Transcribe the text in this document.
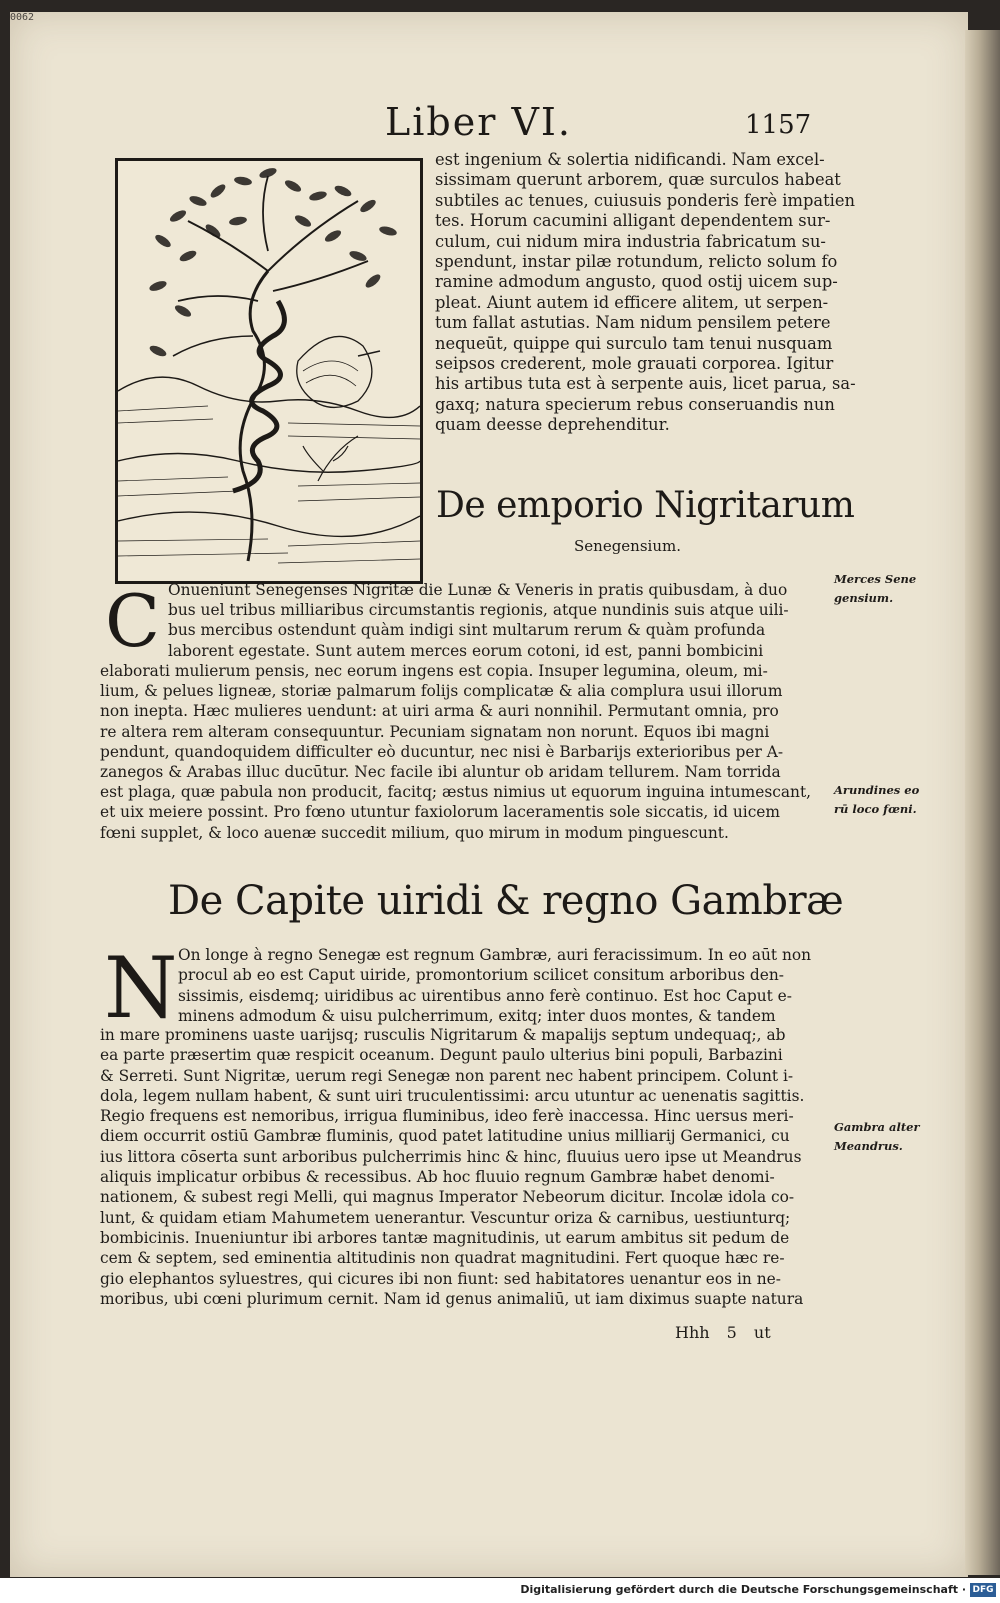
0062
Liber VI.	1157
est ingenium & solertia nidificandi. Nam excel-
sissimam querunt arborem, quæ surculos habeat
subtiles ac tenues, cuiusuis ponderis ferè impatien
tes. Horum cacumini alligant dependentem sur-
culum, cui nidum mira industria fabricatum su-
spendunt, instar pilæ rotundum, relicto solum fo
ramine admodum angusto, quod ostij uicem sup-
pleat. Aiunt autem id efficere alitem, ut serpen-
tum fallat astutias. Nam nidum pensilem petere
nequeūt, quippe qui surculo tam tenui nusquam
seipsos crederent, mole grauati corporea. Igitur
his artibus tuta est à serpente auis, licet parua, sa-
gaxq; natura specierum rebus conseruandis nun
quam deesse deprehenditur.
De emporio Nigritarum
Senegensium.
C Onueniunt Senegenses Nigritæ die Lunæ & Veneris in pratis quibusdam, à duo
bus uel tribus milliaribus circumstantis regionis, atque nundinis suis atque uili-
bus mercibus ostendunt quàm indigi sint multarum rerum & quàm profunda
laborent egestate. Sunt autem merces eorum cotoni, id est, panni bombicini
elaborati mulierum pensis, nec eorum ingens est copia. Insuper legumina, oleum, mi-
lium, & pelues ligneæ, storiæ palmarum folijs complicatæ & alia complura usui illorum
non inepta. Hæc mulieres uendunt: at uiri arma & auri nonnihil. Permutant omnia, pro
re altera rem alteram consequuntur. Pecuniam signatam non norunt. Equos ibi magni
pendunt, quandoquidem difficulter eò ducuntur, nec nisi è Barbarijs exterioribus per A-
zanegos & Arabas illuc ducūtur. Nec facile ibi aluntur ob aridam tellurem. Nam torrida
est plaga, quæ pabula non producit, facitq; æstus nimius ut equorum inguina intumescant,
et uix meiere possint. Pro fœno utuntur faxiolorum laceramentis sole siccatis, id uicem
fœni supplet, & loco auenæ succedit milium, quo mirum in modum pinguescunt.
De Capite uiridi & regno Gambræ
N On longe à regno Senegæ est regnum Gambræ, auri feracissimum. In eo aūt non
procul ab eo est Caput uiride, promontorium scilicet consitum arboribus den-
sissimis, eisdemq; uiridibus ac uirentibus anno ferè continuo. Est hoc Caput e-
minens admodum & uisu pulcherrimum, exitq; inter duos montes, & tandem
in mare prominens uaste uarijsq; rusculis Nigritarum & mapalijs septum undequaq;, ab
ea parte præsertim quæ respicit oceanum. Degunt paulo ulterius bini populi, Barbazini
& Serreti. Sunt Nigritæ, uerum regi Senegæ non parent nec habent principem. Colunt i-
dola, legem nullam habent, & sunt uiri truculentissimi: arcu utuntur ac uenenatis sagittis.
Regio frequens est nemoribus, irrigua fluminibus, ideo ferè inaccessa. Hinc uersus meri-
diem occurrit ostiū Gambræ fluminis, quod patet latitudine unius milliarij Germanici, cu
ius littora cōserta sunt arboribus pulcherrimis hinc & hinc, fluuius uero ipse ut Meandrus
aliquis implicatur orbibus & recessibus. Ab hoc fluuio regnum Gambræ habet denomi-
nationem, & subest regi Melli, qui magnus Imperator Nebeorum dicitur. Incolæ idola co-
lunt, & quidam etiam Mahumetem uenerantur. Vescuntur oriza & carnibus, uestiunturq;
bombicinis. Inueniuntur ibi arbores tantæ magnitudinis, ut earum ambitus sit pedum de
cem & septem, sed eminentia altitudinis non quadrat magnitudini. Fert quoque hæc re-
gio elephantos syluestres, qui cicures ibi non fiunt: sed habitatores uenantur eos in ne-
moribus, ubi cœni plurimum cernit. Nam id genus animaliū, ut iam diximus suapte natura
Hhh 5 ut
Merces Sene
gensium.
Arundines eo
rū loco fœni.
Gambra alter
Meandrus.
Digitalisierung gefördert durch die Deutsche Forschungsgemeinschaft · DFG
